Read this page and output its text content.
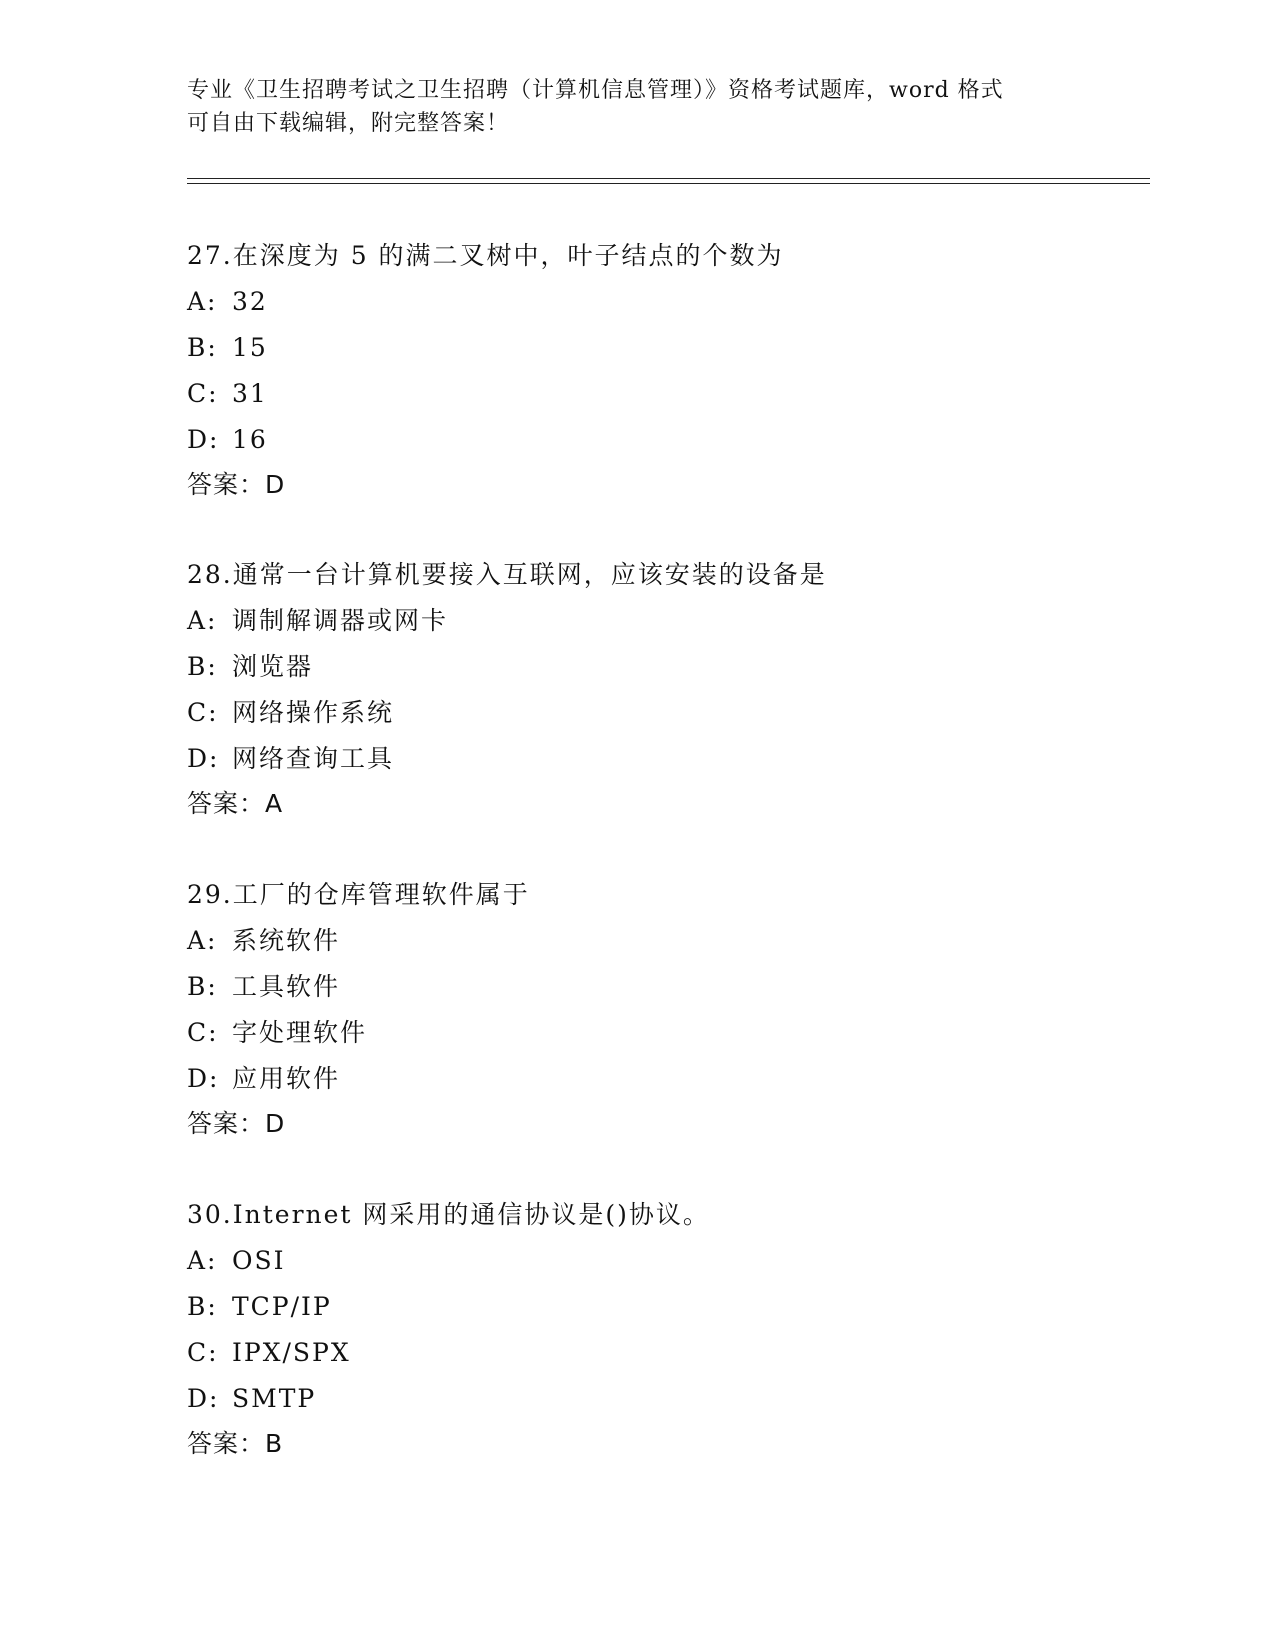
专业《卫生招聘考试之卫生招聘（计算机信息管理）》资格考试题库，word 格式

可自由下载编辑，附完整答案！

27.在深度为 5 的满二叉树中，叶子结点的个数为
A: 32
B: 15
C: 31
D: 16
答案：D
28.通常一台计算机要接入互联网，应该安装的设备是
A: 调制解调器或网卡
B: 浏览器
C: 网络操作系统
D: 网络查询工具
答案：A
29.工厂的仓库管理软件属于
A: 系统软件
B: 工具软件
C: 字处理软件
D: 应用软件
答案：D
30.Internet 网采用的通信协议是()协议。
A: OSI
B: TCP/IP
C: IPX/SPX
D: SMTP
答案：B
